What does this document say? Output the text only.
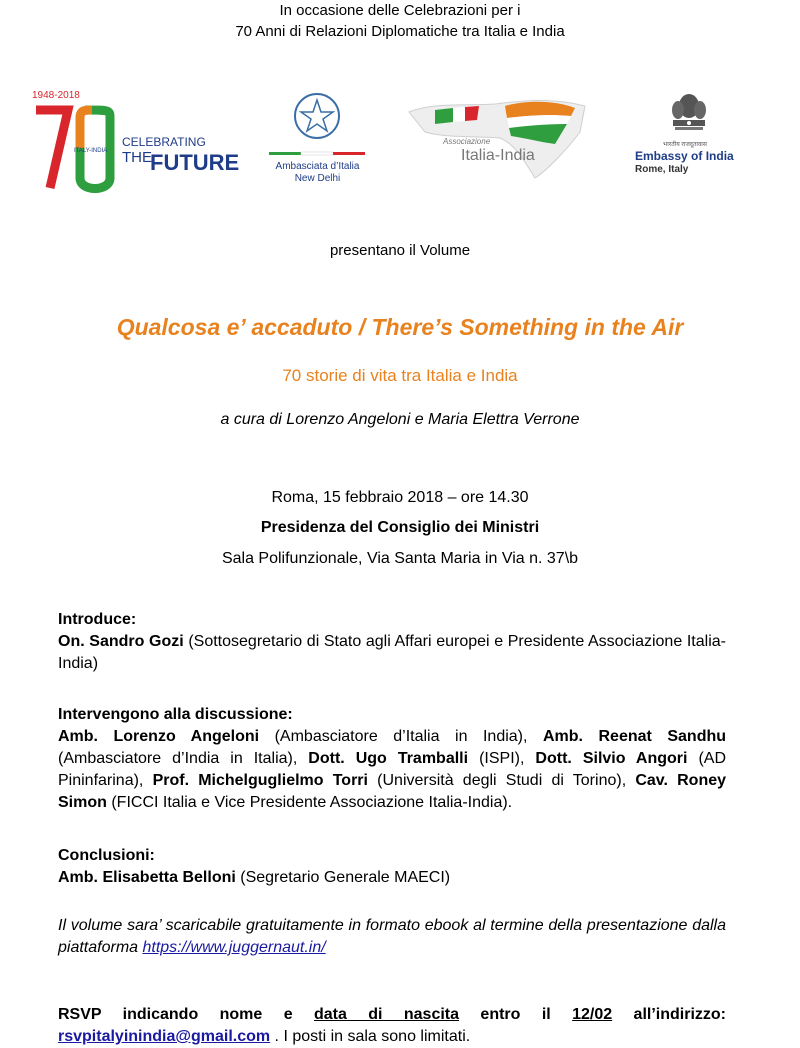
In occasione delle Celebrazioni per i
70 Anni di Relazioni Diplomatiche tra Italia e India
1948-2018
ITALY-INDIA
CELEBRATING
THE
FUTURE	Ambasciata d’Italia
New Delhi
Associazione
Italia-India
भारतीय राजदूतावास
Embassy of India
Rome, Italy
presentano il Volume
Qualcosa e’ accaduto / There’s Something in the Air
70 storie di vita tra Italia e India
a cura di Lorenzo Angeloni e Maria Elettra Verrone
Roma, 15 febbraio 2018 – ore 14.30
Presidenza del Consiglio dei Ministri
Sala Polifunzionale, Via Santa Maria in Via n. 37\b
Introduce:
On. Sandro Gozi (Sottosegretario di Stato agli Affari europei e Presidente Associazione Italia-India)
Intervengono alla discussione:
Amb. Lorenzo Angeloni (Ambasciatore d’Italia in India), Amb. Reenat Sandhu (Ambasciatore d’India in Italia), Dott. Ugo Tramballi (ISPI), Dott. Silvio Angori (AD Pininfarina), Prof. Michelguglielmo Torri (Università degli Studi di Torino), Cav. Roney Simon (FICCI Italia e Vice Presidente Associazione Italia-India).
Conclusioni:
Amb. Elisabetta Belloni (Segretario Generale MAECI)
Il volume sara’ scaricabile gratuitamente in formato ebook al termine della presentazione dalla piattaforma https://www.juggernaut.in/
RSVP indicando nome e data di nascita entro il 12/02 all’indirizzo:
rsvpitalyinindia@gmail.com . I posti in sala sono limitati.
